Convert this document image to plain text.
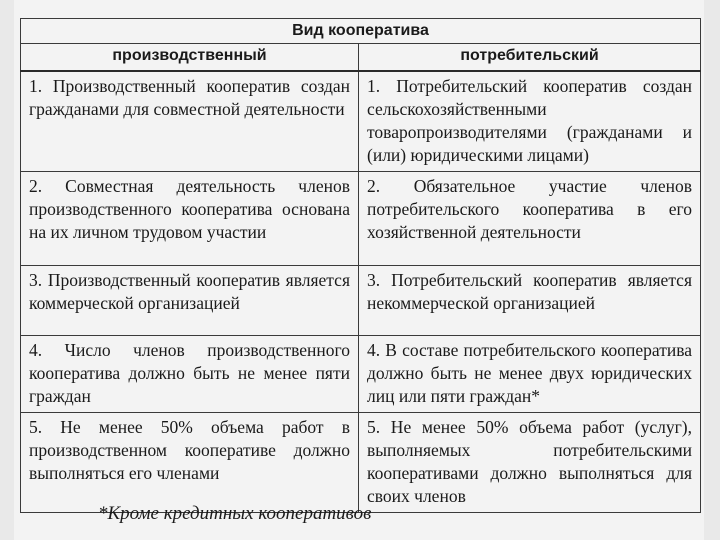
Вид кооператива	
производственный	потребительский
1. Производственный кооператив создан гражданами для совместной деятельности	1. Потребительский кооператив создан сельскохозяйственными товаропроизводителями (гражданами и (или) юридическими лицами)
2. Совместная деятельность членов производственного кооператива основана на их личном трудовом участии	2. Обязательное участие членов потребительского кооператива в его хозяйственной деятельности
3. Производственный кооператив является коммерческой организацией	3. Потребительский кооператив является некоммерческой организацией
4. Число членов производственного кооператива должно быть не менее пяти граждан	4. В составе потребительского кооператива должно быть не менее двух юридических лиц или пяти граждан*
5. Не менее 50% объема работ в производственном кооперативе должно выполняться его членами	5. Не менее 50% объема работ (услуг), выполняемых потребительскими кооперативами должно выполняться для своих членов
*Кроме кредитных кооперативов
